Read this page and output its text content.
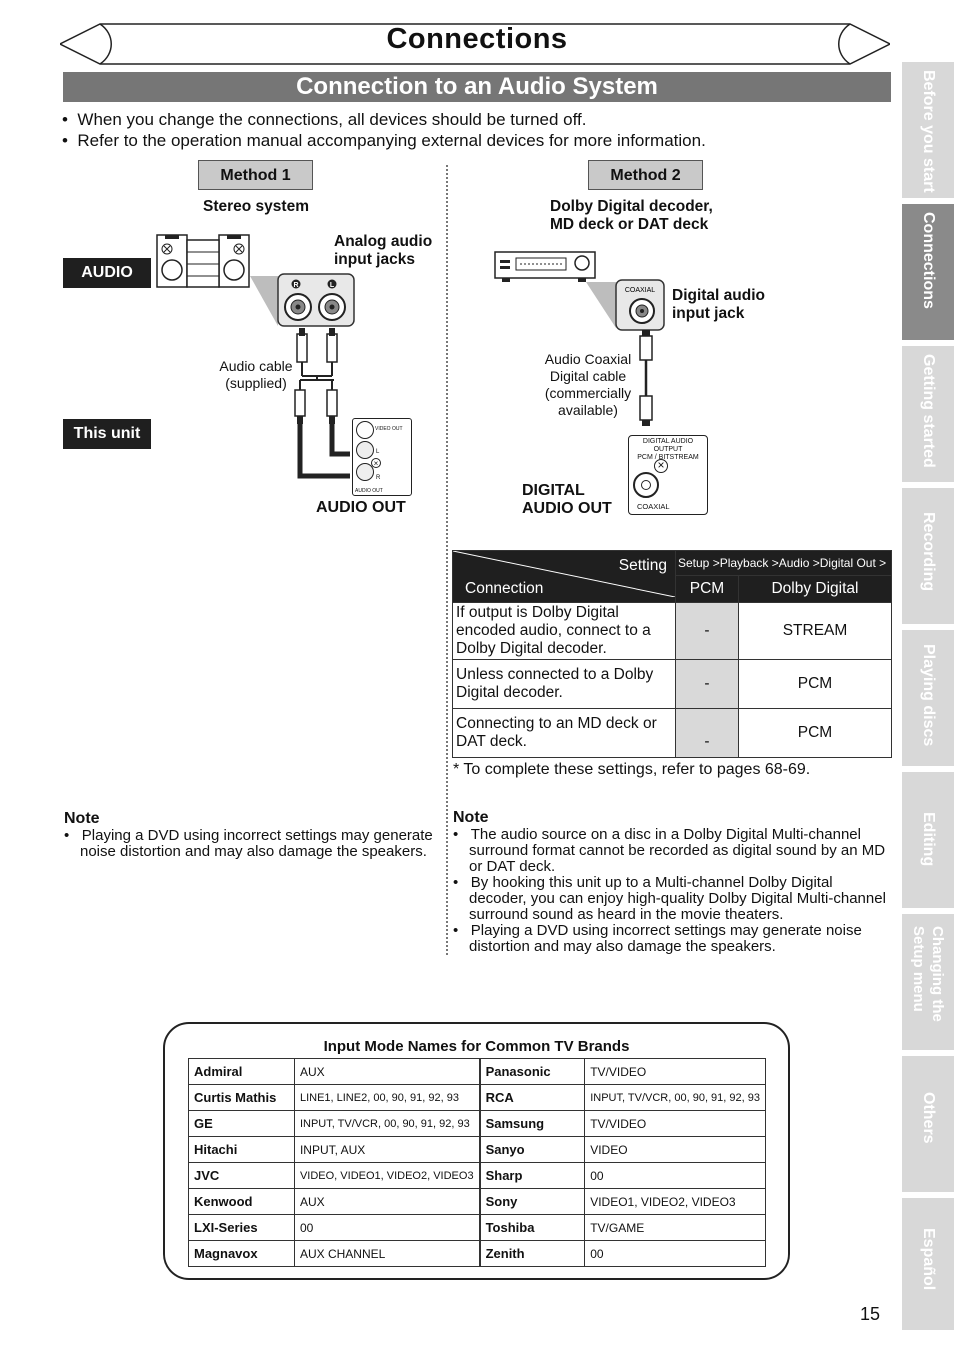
Connections
Connection to an Audio System
•  When you change the connections, all devices should be turned off.
•  Refer to the operation manual accompanying external devices for more information.
Method 1
Stereo system
AUDIO
Analog audio
input jacks
R	L
Audio cable
(supplied)
This unit	VIDEO OUT
L
R
×
AUDIO OUT
AUDIO OUT
Method 2
Dolby Digital decoder,
MD deck or DAT deck
COAXIAL Digital audio
input jack
Audio Coaxial
Digital cable
(commercially
available)
DIGITAL AUDIO OUTPUT
PCM / BITSTREAM
×
COAXIAL
DIGITAL
AUDIO OUT
Setting
Connection	Setup >Playback >Audio >Digital Out >	
	PCM	Dolby Digital
If output is Dolby Digital encoded audio, connect to a Dolby Digital decoder.	-	STREAM
Unless connected to a Dolby Digital decoder.	-	PCM
Connecting to an MD deck or DAT deck.	-	PCM
* To complete these settings, refer to pages 68-69.
Note
•   Playing a DVD using incorrect settings may generate noise distortion and may also damage the speakers.
Note
•   The audio source on a disc in a Dolby Digital Multi-channel surround format cannot be recorded as digital sound by an MD or DAT deck.
•   By hooking this unit up to a Multi-channel Dolby Digital decoder, you can enjoy high-quality Dolby Digital Multi-channel surround sound as heard in the movie theaters.
•   Playing a DVD using incorrect settings may generate noise distortion and may also damage the speakers.
Before you start
Connections
Getting started
Recording
Playing discs
Editing
Changing the Setup menu
Others
Español
Input Mode Names for Common TV Brands
Admiral	AUX	Panasonic	TV/VIDEO
Curtis Mathis	LINE1, LINE2, 00, 90, 91, 92, 93	RCA	INPUT, TV/VCR, 00, 90, 91, 92, 93
GE	INPUT, TV/VCR, 00, 90, 91, 92, 93	Samsung	TV/VIDEO
Hitachi	INPUT, AUX	Sanyo	VIDEO
JVC	VIDEO, VIDEO1, VIDEO2, VIDEO3	Sharp	00
Kenwood	AUX	Sony	VIDEO1, VIDEO2, VIDEO3
LXI-Series	00	Toshiba	TV/GAME
Magnavox	AUX CHANNEL	Zenith	00
15
